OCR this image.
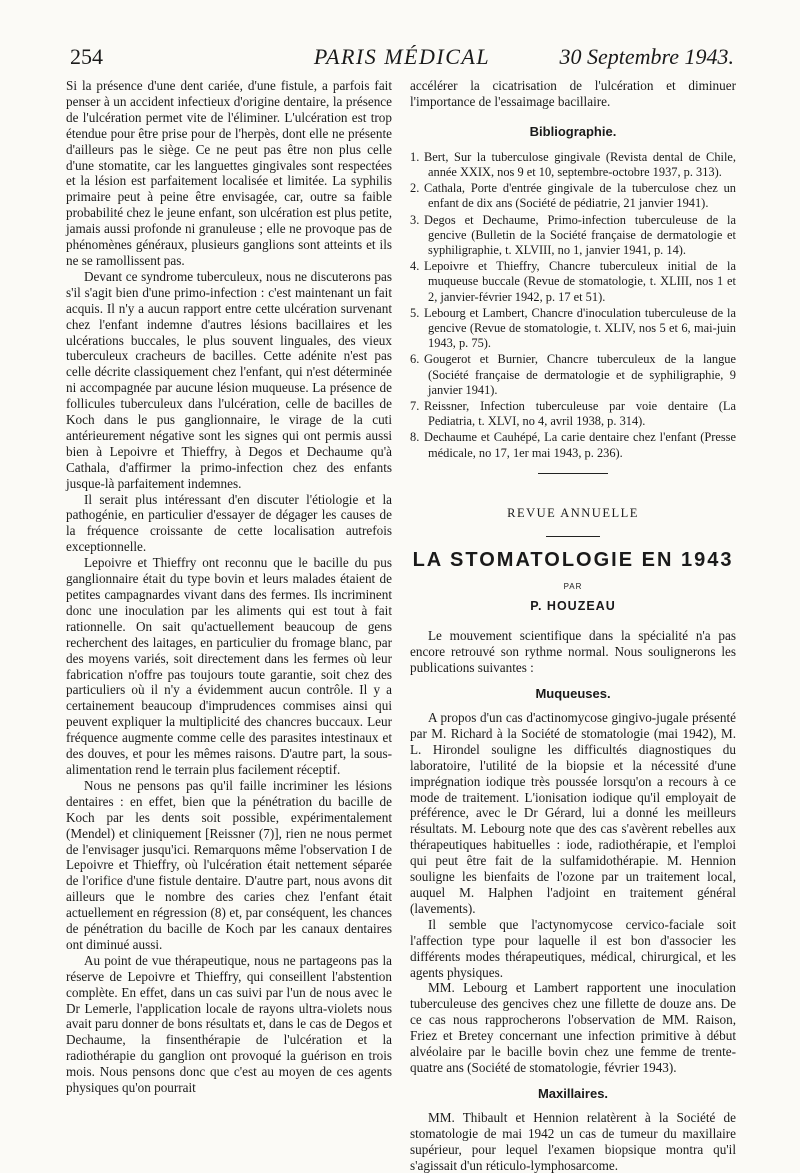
254	PARIS MÉDICAL	30 Septembre 1943.

Si la présence d'une dent cariée, d'une fistule, a parfois fait penser à un accident infectieux d'origine dentaire, la présence de l'ulcération permet vite de l'éliminer. L'ulcération est trop étendue pour être prise pour de l'herpès, dont elle ne présente d'ailleurs pas le siège. Ce ne peut pas être non plus celle d'une stomatite, car les languettes gingivales sont respectées et la lésion est parfaitement localisée et limitée. La syphilis primaire peut à peine être envisagée, car, outre sa faible probabilité chez le jeune enfant, son ulcération est plus petite, jamais aussi profonde ni granuleuse ; elle ne provoque pas de phénomènes généraux, plusieurs ganglions sont atteints et ils ne se ramollissent pas.

Devant ce syndrome tuberculeux, nous ne discuterons pas s'il s'agit bien d'une primo-infection : c'est maintenant un fait acquis. Il n'y a aucun rapport entre cette ulcération survenant chez l'enfant indemne d'autres lésions bacillaires et les ulcérations buccales, le plus souvent linguales, des vieux tuberculeux cracheurs de bacilles. Cette adénite n'est pas celle décrite classiquement chez l'enfant, qui n'est déterminée ni accompagnée par aucune lésion muqueuse. La présence de follicules tuberculeux dans l'ulcération, celle de bacilles de Koch dans le pus ganglionnaire, le virage de la cuti antérieurement négative sont les signes qui ont permis aussi bien à Lepoivre et Thieffry, à Degos et Dechaume qu'à Cathala, d'affirmer la primo-infection chez des enfants jusque-là parfaitement indemnes.

Il serait plus intéressant d'en discuter l'étiologie et la pathogénie, en particulier d'essayer de dégager les causes de la fréquence croissante de cette localisation autrefois exceptionnelle.

Lepoivre et Thieffry ont reconnu que le bacille du pus ganglionnaire était du type bovin et leurs malades étaient de petites campagnardes vivant dans des fermes. Ils incriminent donc une inoculation par les aliments qui est tout à fait rationnelle. On sait qu'actuellement beaucoup de gens recherchent des laitages, en particulier du fromage blanc, par des moyens variés, soit directement dans les fermes où leur fabrication n'offre pas toujours toute garantie, soit chez des particuliers où il n'y a évidemment aucun contrôle. Il y a certainement beaucoup d'imprudences commises ainsi qui peuvent expliquer la multiplicité des chancres buccaux. Leur fréquence augmente comme celle des parasites intestinaux et des douves, et pour les mêmes raisons. D'autre part, la sous-alimentation rend le terrain plus facilement réceptif.

Nous ne pensons pas qu'il faille incriminer les lésions dentaires : en effet, bien que la pénétration du bacille de Koch par les dents soit possible, expérimentalement (Mendel) et cliniquement [Reissner (7)], rien ne nous permet de l'envisager jusqu'ici. Remarquons même l'observation I de Lepoivre et Thieffry, où l'ulcération était nettement séparée de l'orifice d'une fistule dentaire. D'autre part, nous avons dit ailleurs que le nombre des caries chez l'enfant était actuellement en régression (8) et, par conséquent, les chances de pénétration du bacille de Koch par les canaux dentaires ont diminué aussi.

Au point de vue thérapeutique, nous ne partageons pas la réserve de Lepoivre et Thieffry, qui conseillent l'abstention complète. En effet, dans un cas suivi par l'un de nous avec le Dr Lemerle, l'application locale de rayons ultra-violets nous avait paru donner de bons résultats et, dans le cas de Degos et Dechaume, la finsenthérapie de l'ulcération et la radiothérapie du ganglion ont provoqué la guérison en trois mois. Nous pensons donc que c'est au moyen de ces agents physiques qu'on pourrait

accélérer la cicatrisation de l'ulcération et diminuer l'importance de l'essaimage bacillaire.

Bibliographie.
1. Bert, Sur la tuberculose gingivale (Revista dental de Chile, année XXIX, nos 9 et 10, septembre-octobre 1937, p. 313).
2. Cathala, Porte d'entrée gingivale de la tuberculose chez un enfant de dix ans (Société de pédiatrie, 21 janvier 1941).
3. Degos et Dechaume, Primo-infection tuberculeuse de la gencive (Bulletin de la Société française de dermatologie et syphiligraphie, t. XLVIII, no 1, janvier 1941, p. 14).
4. Lepoivre et Thieffry, Chancre tuberculeux initial de la muqueuse buccale (Revue de stomatologie, t. XLIII, nos 1 et 2, janvier-février 1942, p. 17 et 51).
5. Lebourg et Lambert, Chancre d'inoculation tuberculeuse de la gencive (Revue de stomatologie, t. XLIV, nos 5 et 6, mai-juin 1943, p. 75).
6. Gougerot et Burnier, Chancre tuberculeux de la langue (Société française de dermatologie et de syphiligraphie, 9 janvier 1941).
7. Reissner, Infection tuberculeuse par voie dentaire (La Pediatria, t. XLVI, no 4, avril 1938, p. 314).
8. Dechaume et Cauhépé, La carie dentaire chez l'enfant (Presse médicale, no 17, 1er mai 1943, p. 236).
REVUE ANNUELLE
LA STOMATOLOGIE EN 1943
PAR
P. HOUZEAU

Le mouvement scientifique dans la spécialité n'a pas encore retrouvé son rythme normal. Nous soulignerons les publications suivantes :

Muqueuses.

A propos d'un cas d'actinomycose gingivo-jugale présenté par M. Richard à la Société de stomatologie (mai 1942), M. L. Hirondel souligne les difficultés diagnostiques du laboratoire, l'utilité de la biopsie et la nécessité d'une imprégnation iodique très poussée lorsqu'on a recours à ce mode de traitement. L'ionisation iodique qu'il employait de préférence, avec le Dr Gérard, lui a donné les meilleurs résultats. M. Lebourg note que des cas s'avèrent rebelles aux thérapeutiques habituelles : iode, radiothérapie, et l'emploi qui peut être fait de la sulfamidothérapie. M. Hennion souligne les bienfaits de l'ozone par un traitement local, auquel M. Halphen l'adjoint en traitement général (lavements).

Il semble que l'actynomycose cervico-faciale soit l'affection type pour laquelle il est bon d'associer les différents modes thérapeutiques, médical, chirurgical, et les agents physiques.

MM. Lebourg et Lambert rapportent une inoculation tuberculeuse des gencives chez une fillette de douze ans. De ce cas nous rapprocherons l'observation de MM. Raison, Friez et Bretey concernant une infection primitive à début alvéolaire par le bacille bovin chez une femme de trente-quatre ans (Société de stomatologie, février 1943).

Maxillaires.

MM. Thibault et Hennion relatèrent à la Société de stomatologie de mai 1942 un cas de tumeur du maxillaire supérieur, pour lequel l'examen biopsique montra qu'il s'agissait d'un réticulo-lymphosarcome.
